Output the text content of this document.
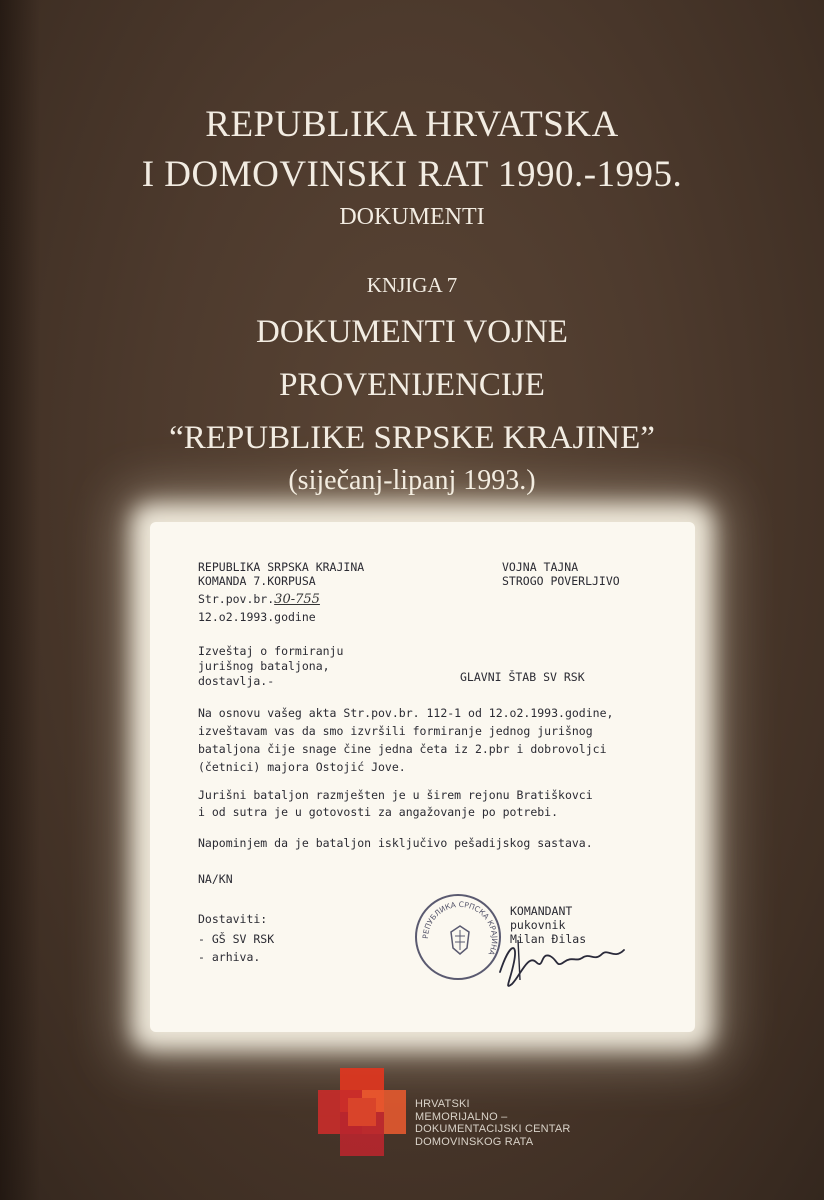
REPUBLIKA HRVATSKA
I DOMOVINSKI RAT 1990.-1995.
DOKUMENTI
KNJIGA 7
DOKUMENTI VOJNE
PROVENIJENCIJE
“REPUBLIKE SRPSKE KRAJINE”
(siječanj-lipanj 1993.)
REPUBLIKA SRPSKA KRAJINA
KOMANDA 7.KORPUSA
VOJNA TAJNA
STROGO POVERLJIVO
Str.pov.br.30-755
12.o2.1993.godine
Izveštaj o formiranju
jurišnog bataljona,
dostavlja.-	GLAVNI ŠTAB SV RSK
Na osnovu vašeg akta Str.pov.br. 112-1 od 12.o2.1993.godine,
izveštavam vas da smo izvršili formiranje jednog jurišnog
bataljona čije snage čine jedna četa iz 2.pbr i dobrovoljci
(četnici) majora Ostojić Jove.
Jurišni bataljon razmješten je u širem rejonu Bratiškovci
i od sutra je u gotovosti za angažovanje po potrebi.
Napominjem da je bataljon isključivo pešadijskog sastava.
NA/KN
Dostaviti:
- GŠ SV RSK
- arhiva.
РЕПУБЛИКА СРПСКА КРАЈИНА
KOMANDANT
pukovnik
Milan Đilas
HRVATSKI
MEMORIJALNO –
DOKUMENTACIJSKI CENTAR
DOMOVINSKOG RATA
